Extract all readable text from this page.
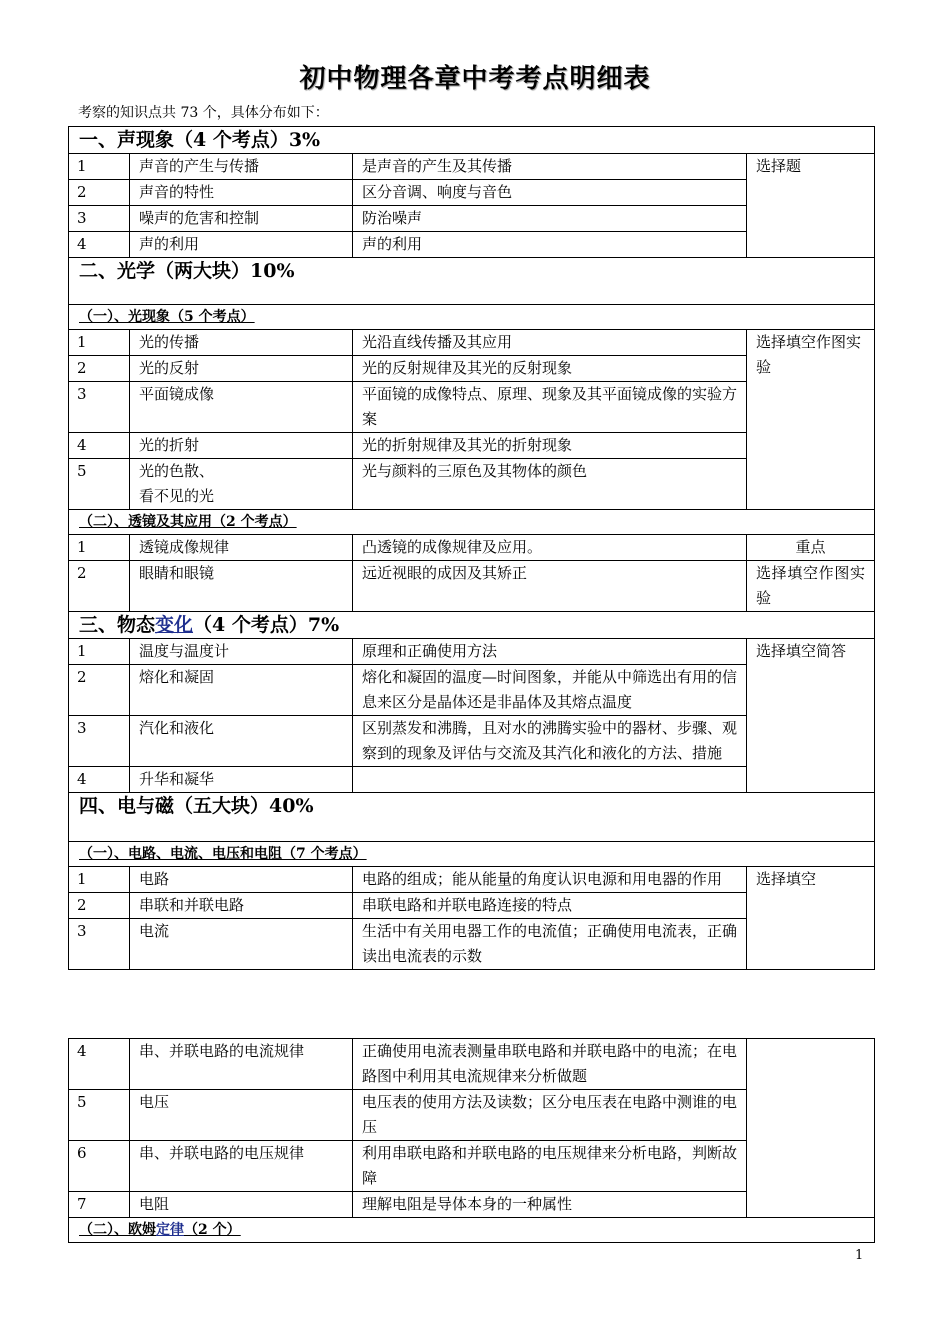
初中物理各章中考考点明细表
考察的知识点共 73 个，具体分布如下：
一、声现象（4 个考点）3%			
1	声音的产生与传播	是声音的产生及其传播	选择题
2	声音的特性	区分音调、响度与音色	
3	噪声的危害和控制	防治噪声	
4	声的利用	声的利用	
二、光学（两大块）10%			
（一）、光现象（5 个考点）			
1	光的传播	光沿直线传播及其应用	选择填空作图实验
2	光的反射	光的反射规律及其光的反射现象	
3	平面镜成像	平面镜的成像特点、原理、现象及其平面镜成像的实验方案	
4	光的折射	光的折射规律及其光的折射现象	
5	光的色散、
看不见的光	光与颜料的三原色及其物体的颜色	
（二）、透镜及其应用（2 个考点）			
1	透镜成像规律	凸透镜的成像规律及应用。	重点
2	眼睛和眼镜	远近视眼的成因及其矫正	选择填空作图实验
三、物态变化（4 个考点）7%			
1	温度与温度计	原理和正确使用方法	选择填空简答
2	熔化和凝固	熔化和凝固的温度—时间图象，并能从中筛选出有用的信息来区分是晶体还是非晶体及其熔点温度	
3	汽化和液化	区别蒸发和沸腾，且对水的沸腾实验中的器材、步骤、观察到的现象及评估与交流及其汽化和液化的方法、措施	
4	升华和凝华		
四、电与磁（五大块）40%			
（一）、电路、电流、电压和电阻（7 个考点）			
1	电路	电路的组成；能从能量的角度认识电源和用电器的作用	选择填空
2	串联和并联电路	串联电路和并联电路连接的特点	
3	电流	生活中有关用电器工作的电流值；正确使用电流表，正确读出电流表的示数	
4	串、并联电路的电流规律	正确使用电流表测量串联电路和并联电路中的电流；在电路图中利用其电流规律来分析做题	
5	电压	电压表的使用方法及读数；区分电压表在电路中测谁的电压	
6	串、并联电路的电压规律	利用串联电路和并联电路的电压规律来分析电路，判断故障	
7	电阻	理解电阻是导体本身的一种属性	
（二）、欧姆定律（2 个）			
1
